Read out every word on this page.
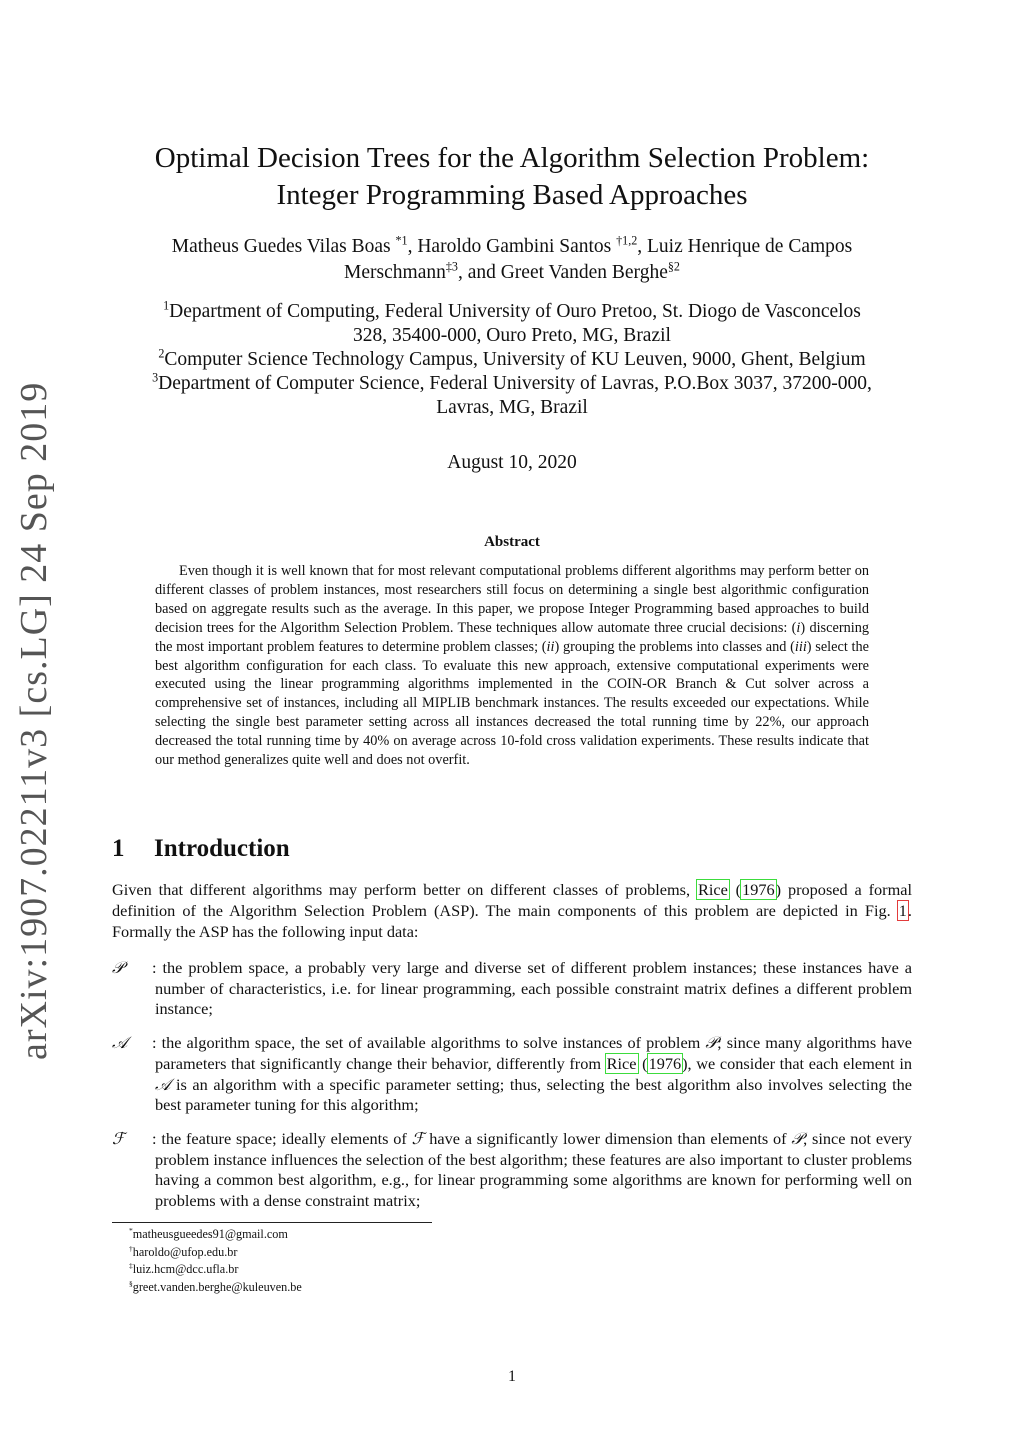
arXiv:1907.02211v3 [cs.LG] 24 Sep 2019
Optimal Decision Trees for the Algorithm Selection Problem:
Integer Programming Based Approaches
Matheus Guedes Vilas Boas $^{*1}$, Haroldo Gambini Santos $^{\dagger 1,2}$, Luiz Henrique de Campos
Merschmann$^{\ddagger 3}$, and Greet Vanden Berghe$^{\S 2}$
$^1$Department of Computing, Federal University of Ouro Pretoo, St. Diogo de Vasconcelos
328, 35400-000, Ouro Preto, MG, Brazil
$^2$Computer Science Technology Campus, University of KU Leuven, 9000, Ghent, Belgium
$^3$Department of Computer Science, Federal University of Lavras, P.O.Box 3037, 37200-000,
Lavras, MG, Brazil
August 10, 2020
Abstract
Even though it is well known that for most relevant computational problems different algorithms may perform better on different classes of problem instances, most researchers still focus on determining a single best algorithmic configuration based on aggregate results such as the average. In this paper, we propose Integer Programming based approaches to build decision trees for the Algorithm Selection Problem. These techniques allow automate three crucial decisions: (i) discerning the most important problem features to determine problem classes; (ii) grouping the problems into classes and (iii) select the best algorithm configuration for each class. To evaluate this new approach, extensive computational experiments were executed using the linear programming algorithms implemented in the COIN-OR Branch & Cut solver across a comprehensive set of instances, including all MIPLIB benchmark instances. The results exceeded our expectations. While selecting the single best parameter setting across all instances decreased the total running time by 22%, our approach decreased the total running time by 40% on average across 10-fold cross validation experiments. These results indicate that our method generalizes quite well and does not overfit.
1 Introduction
Given that different algorithms may perform better on different classes of problems, Rice (1976) proposed a formal definition of the Algorithm Selection Problem (ASP). The main components of this problem are depicted in Fig. 1. Formally the ASP has the following input data:
𝒫 : the problem space, a probably very large and diverse set of different problem instances; these instances have a number of characteristics, i.e. for linear programming, each possible constraint matrix defines a different problem instance;
𝒜 : the algorithm space, the set of available algorithms to solve instances of problem 𝒫; since many algorithms have parameters that significantly change their behavior, differently from Rice (1976), we consider that each element in 𝒜 is an algorithm with a specific parameter setting; thus, selecting the best algorithm also involves selecting the best parameter tuning for this algorithm;
ℱ : the feature space; ideally elements of ℱ have a significantly lower dimension than elements of 𝒫, since not every problem instance influences the selection of the best algorithm; these features are also important to cluster problems having a common best algorithm, e.g., for linear programming some algorithms are known for performing well on problems with a dense constraint matrix;
*matheusgueedes91@gmail.com
†haroldo@ufop.edu.br
‡luiz.hcm@dcc.ufla.br
§greet.vanden.berghe@kuleuven.be
1
